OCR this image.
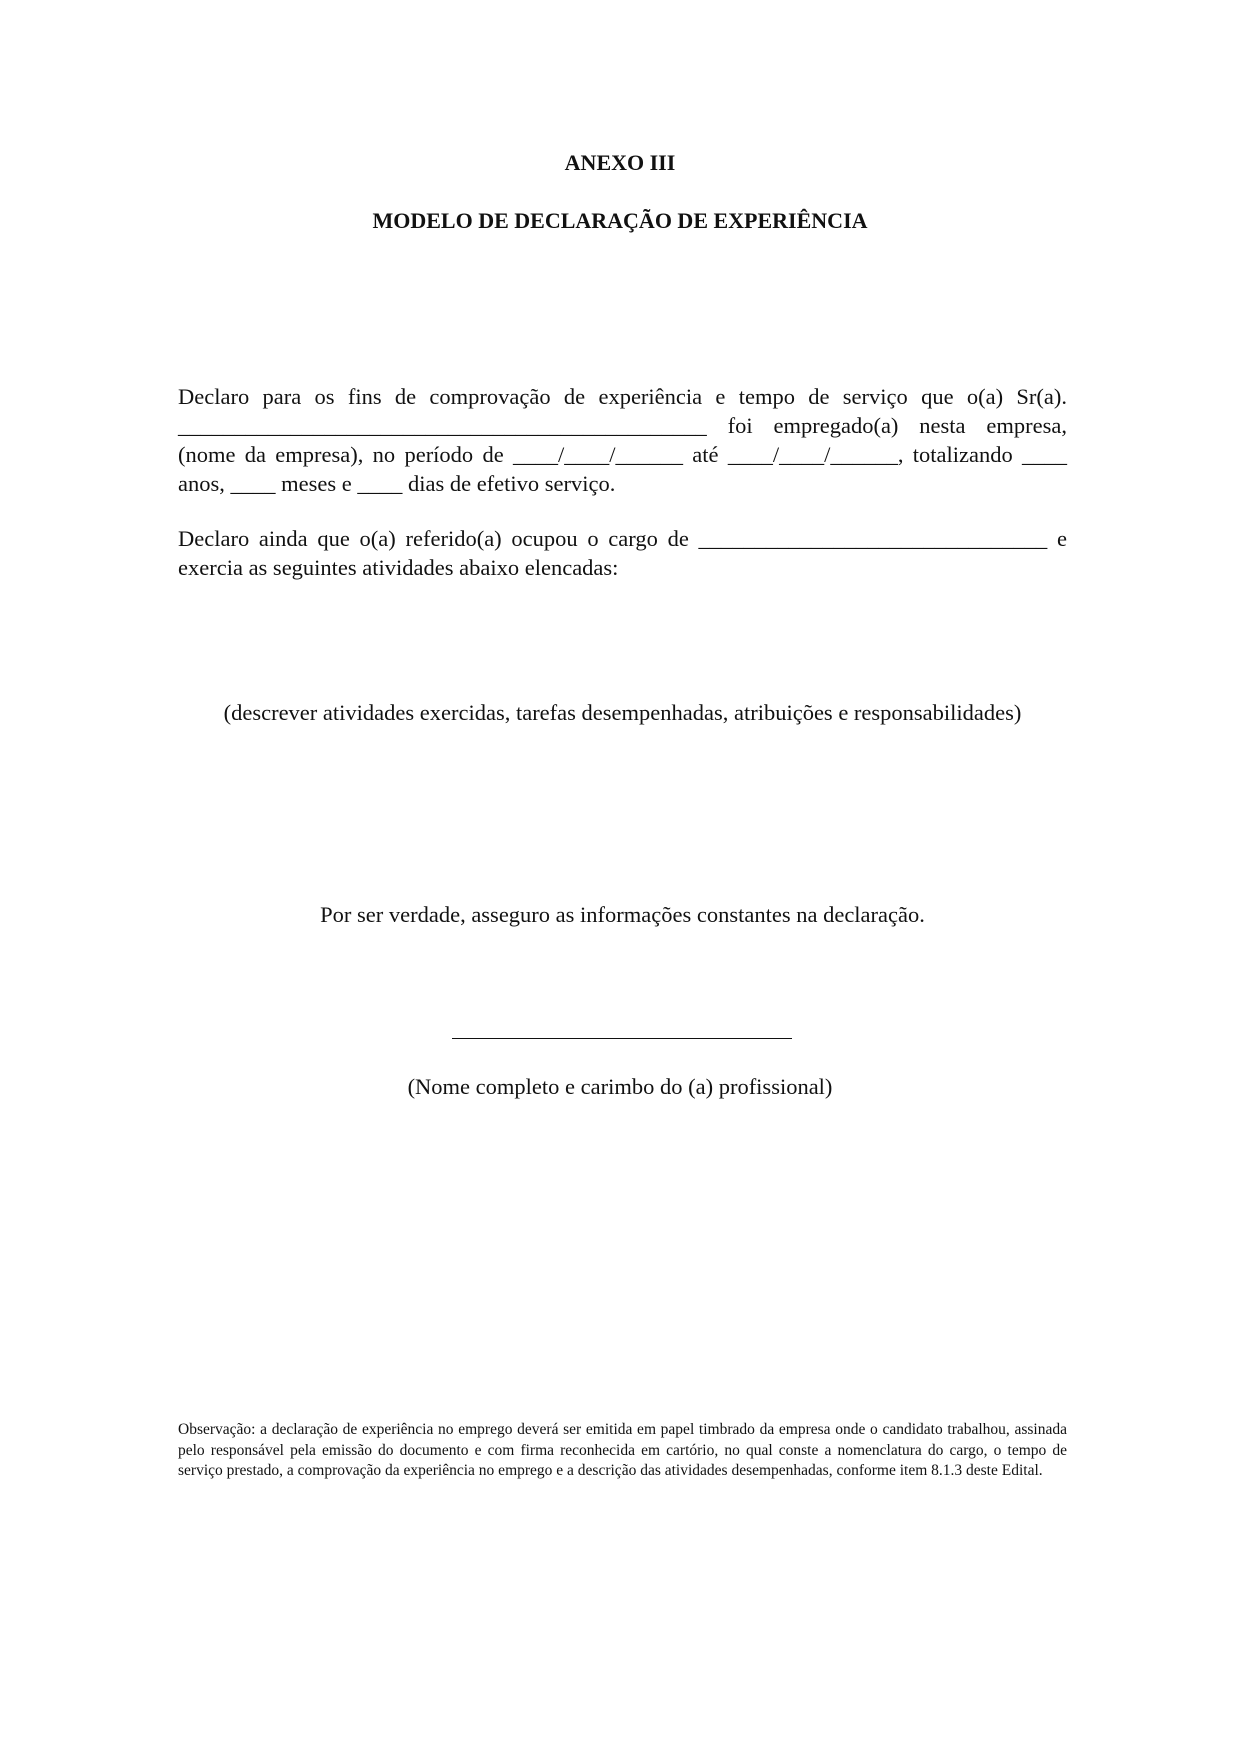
ANEXO III
MODELO DE DECLARAÇÃO DE EXPERIÊNCIA

Declaro para os fins de comprovação de experiência e tempo de serviço que o(a) Sr(a). _______________________________________________ foi empregado(a) nesta empresa, (nome da empresa), no período de ____/____/______ até ____/____/______, totalizando ____ anos, ____ meses e ____ dias de efetivo serviço.

Declaro ainda que o(a) referido(a) ocupou o cargo de _______________________________ e exercia as seguintes atividades abaixo elencadas:

(descrever atividades exercidas, tarefas desempenhadas, atribuições e responsabilidades)

Por ser verdade, asseguro as informações constantes na declaração.

(Nome completo e carimbo do (a) profissional)

Observação: a declaração de experiência no emprego deverá ser emitida em papel timbrado da empresa onde o candidato trabalhou, assinada pelo responsável pela emissão do documento e com firma reconhecida em cartório, no qual conste a nomenclatura do cargo, o tempo de serviço prestado, a comprovação da experiência no emprego e a descrição das atividades desempenhadas, conforme item 8.1.3 deste Edital.
